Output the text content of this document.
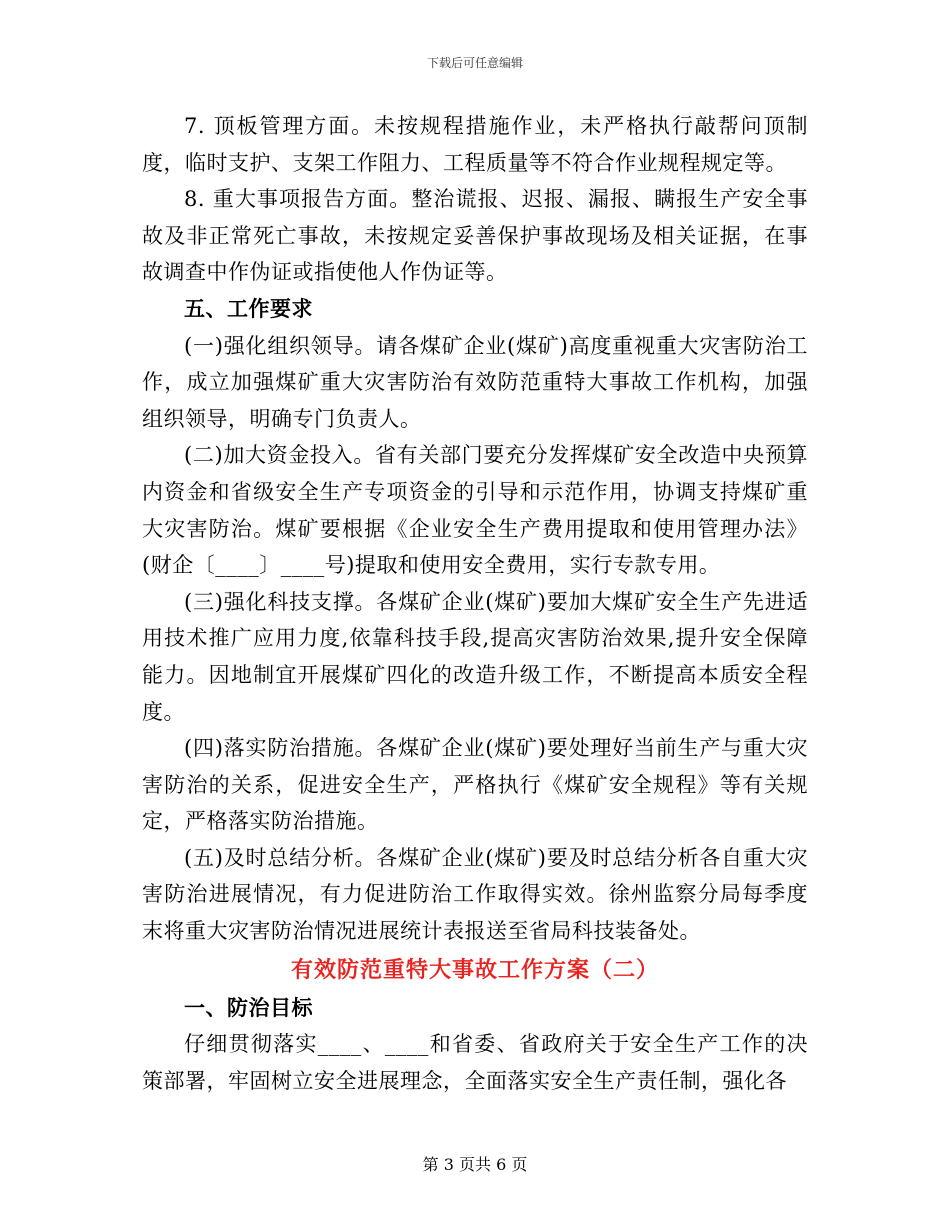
下载后可任意编辑

7. 顶板管理方面。未按规程措施作业，未严格执行敲帮问顶制度，临时支护、支架工作阻力、工程质量等不符合作业规程规定等。

8. 重大事项报告方面。整治谎报、迟报、漏报、瞒报生产安全事故及非正常死亡事故，未按规定妥善保护事故现场及相关证据，在事故调查中作伪证或指使他人作伪证等。

五、工作要求

(一)强化组织领导。请各煤矿企业(煤矿)高度重视重大灾害防治工作，成立加强煤矿重大灾害防治有效防范重特大事故工作机构，加强组织领导，明确专门负责人。

(二)加大资金投入。省有关部门要充分发挥煤矿安全改造中央预算内资金和省级安全生产专项资金的引导和示范作用，协调支持煤矿重大灾害防治。煤矿要根据《企业安全生产费用提取和使用管理办法》(财企〔____〕____号)提取和使用安全费用，实行专款专用。

(三)强化科技支撑。各煤矿企业(煤矿)要加大煤矿安全生产先进适用技术推广应用力度,依靠科技手段,提高灾害防治效果,提升安全保障能力。因地制宜开展煤矿四化的改造升级工作，不断提高本质安全程度。

(四)落实防治措施。各煤矿企业(煤矿)要处理好当前生产与重大灾害防治的关系，促进安全生产，严格执行《煤矿安全规程》等有关规定，严格落实防治措施。

(五)及时总结分析。各煤矿企业(煤矿)要及时总结分析各自重大灾害防治进展情况，有力促进防治工作取得实效。徐州监察分局每季度末将重大灾害防治情况进展统计表报送至省局科技装备处。

有效防范重特大事故工作方案（二）

一、防治目标

仔细贯彻落实____、____和省委、省政府关于安全生产工作的决策部署，牢固树立安全进展理念，全面落实安全生产责任制，强化各

第 3 页共 6 页
